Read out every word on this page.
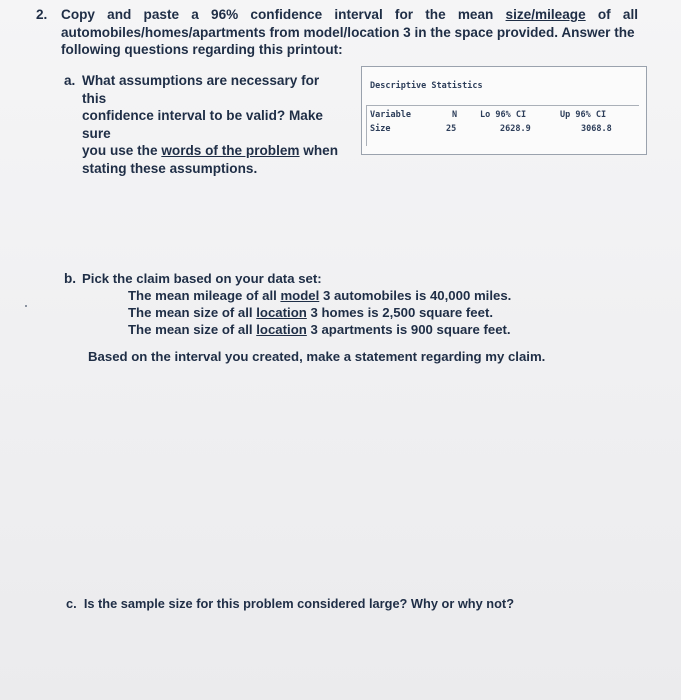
2. Copy and paste a 96% confidence interval for the mean size/mileage of all
automobiles/homes/apartments from model/location 3 in the space provided. Answer the
following questions regarding this printout:
a. What assumptions are necessary for this
confidence interval to be valid? Make sure
you use the words of the problem when
stating these assumptions.
Descriptive Statistics
Variable	N	Lo 96% CI	Up 96% CI
Size	25	2628.9	3068.8
b. Pick the claim based on your data set:
The mean mileage of all model 3 automobiles is 40,000 miles.
The mean size of all location 3 homes is 2,500 square feet.
The mean size of all location 3 apartments is 900 square feet.
Based on the interval you created, make a statement regarding my claim.
c. Is the sample size for this problem considered large? Why or why not?
